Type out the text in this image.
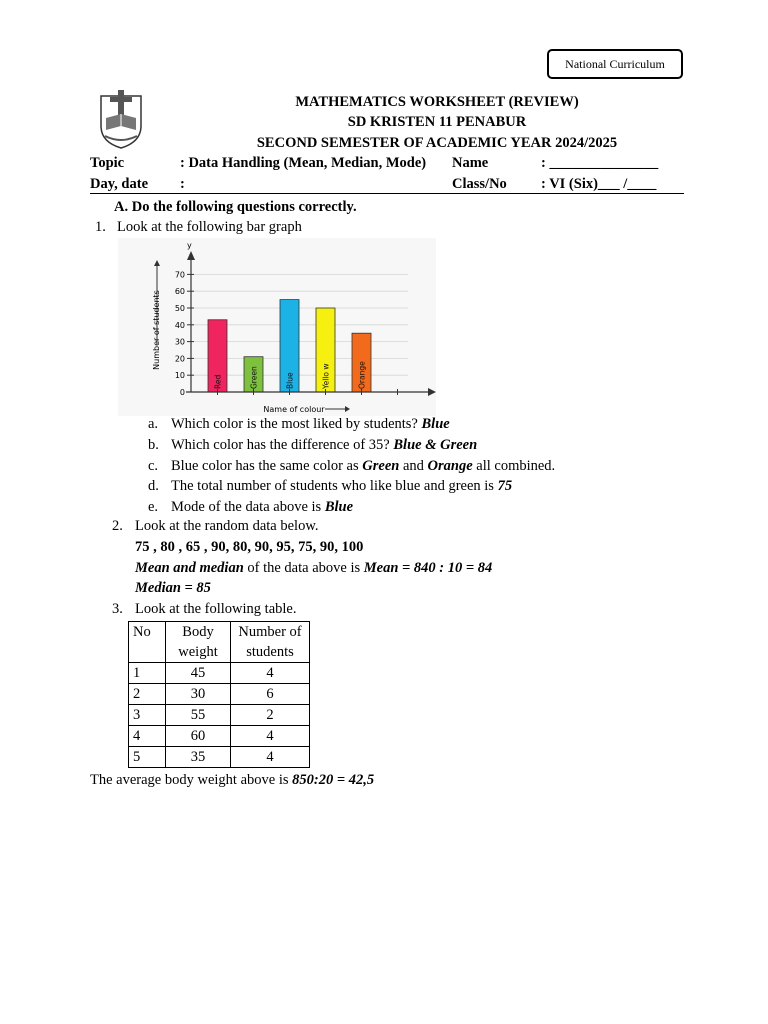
National Curriculum
MATHEMATICS WORKSHEET (REVIEW)
SD KRISTEN 11 PENABUR
SECOND SEMESTER OF ACADEMIC YEAR 2024/2025
Topic	: Data Handling (Mean, Median, Mode) Name	: _______________
Day, date :	Class/No : VI (Six)___ /____
A. Do the following questions correctly.
1. Look at the following bar graph
Red	Green	Blue	Yello w	Orange
y
Number of students
Name of colour
0
10
20
30
40
50
60
70
a. Which color is the most liked by students? Blue
b. Which color has the difference of 35? Blue & Green
c. Blue color has the same color as Green and Orange all combined.
d. The total number of students who like blue and green is 75
e. Mode of the data above is Blue
2. Look at the random data below.
75 , 80 , 65 , 90, 80, 90, 95, 75, 90, 100
Mean and median of the data above is Mean = 840 : 10 = 84
Median = 85
3. Look at the following table.
No	Body weight	Number of students
1	45	4
2	30	6
3	55	2
4	60	4
5	35	4
The average body weight above is 850:20 = 42,5
